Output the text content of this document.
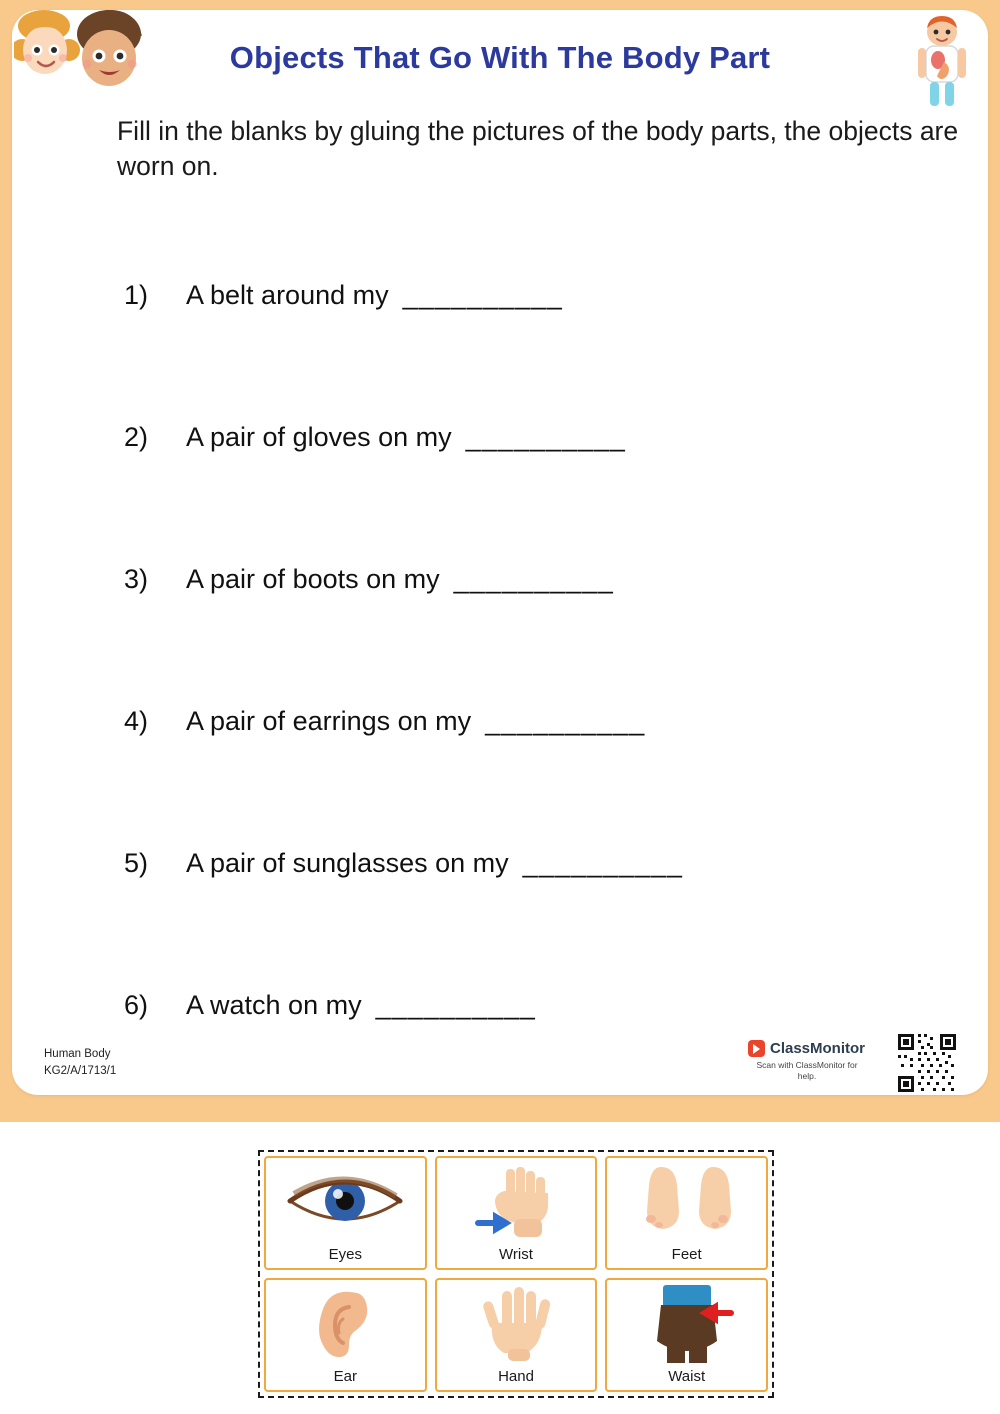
Objects That Go With The Body Part
Fill in the blanks by gluing the pictures of the body parts, the objects are worn on.
1)	A belt around my __________
2)	A pair of gloves on my __________
3)	A pair of boots on my __________
4)	A pair of earrings on my __________
5)	A pair of sunglasses on my __________
6)	A watch on my __________
Human Body
KG2/A/1713/1
ClassMonitor
Scan with ClassMonitor for help.
Eyes	Wrist	Feet
Ear	Hand	Waist
